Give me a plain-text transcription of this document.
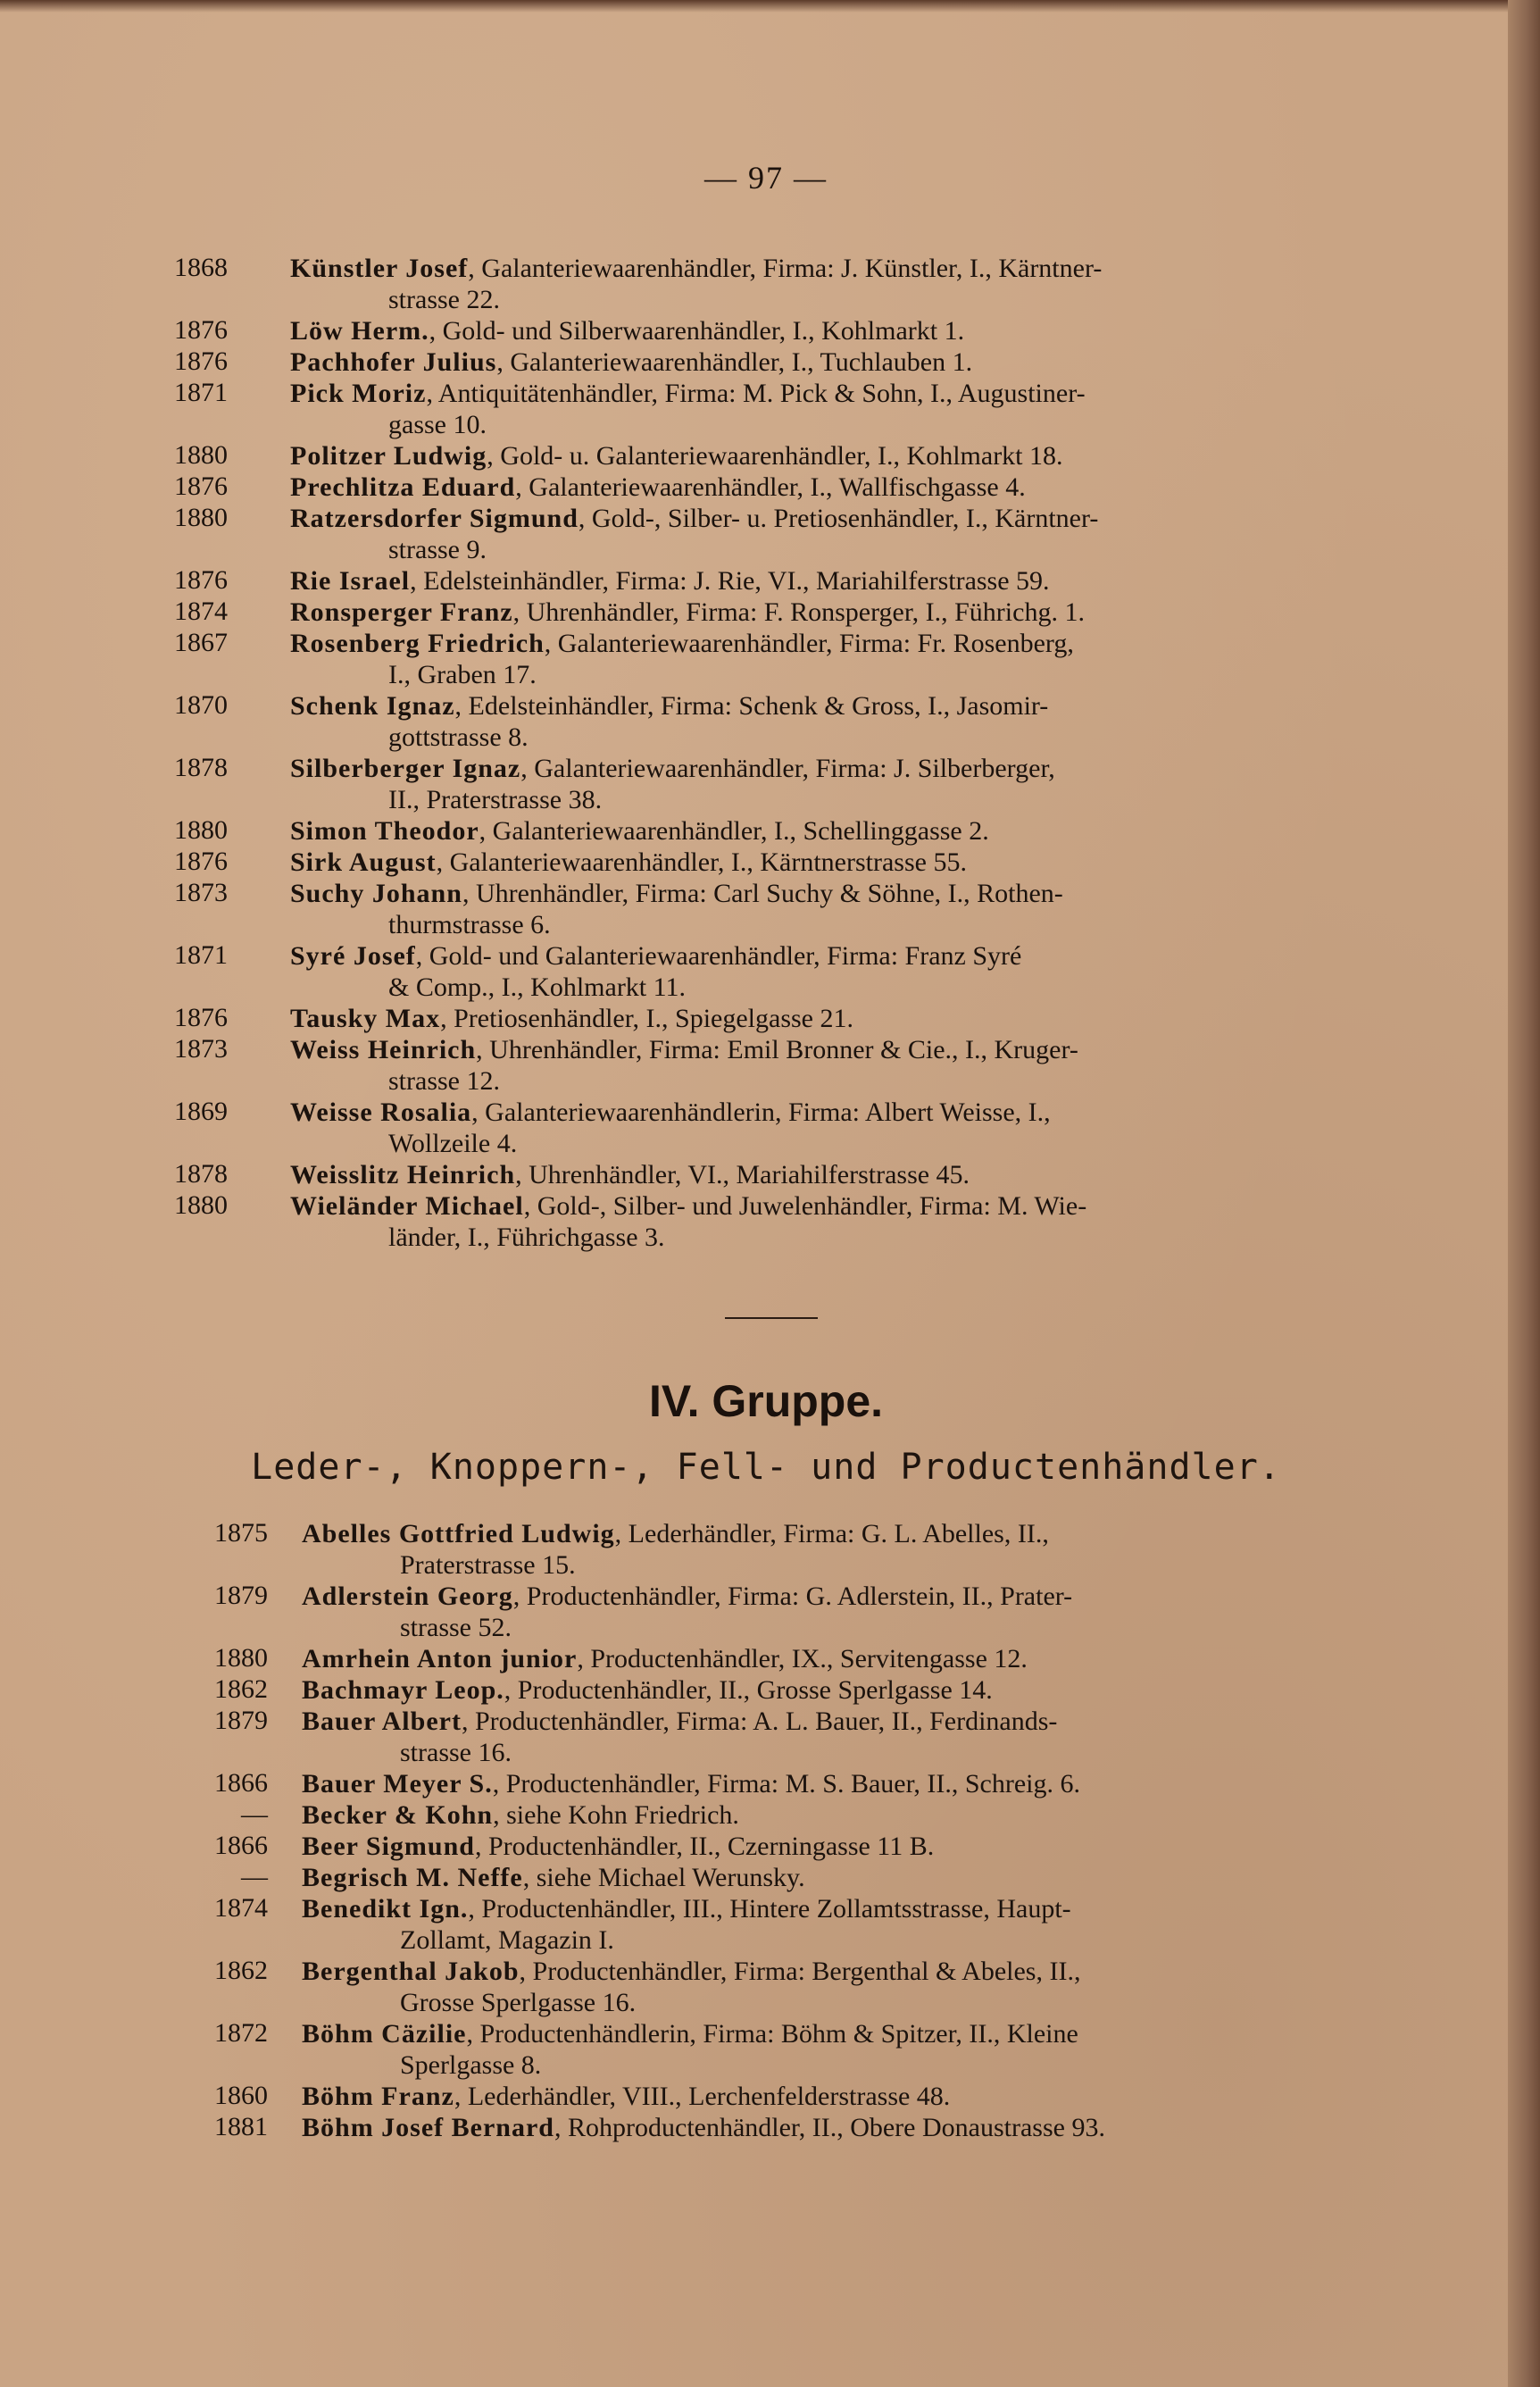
— 97 —
1868 Künstler Josef, Galanteriewaarenhändler, Firma: J. Künstler, I., Kärntner-
strasse 22.
1876 Löw Herm., Gold- und Silberwaarenhändler, I., Kohlmarkt 1.
1876 Pachhofer Julius, Galanteriewaarenhändler, I., Tuchlauben 1.
1871 Pick Moriz, Antiquitätenhändler, Firma: M. Pick & Sohn, I., Augustiner-
gasse 10.
1880 Politzer Ludwig, Gold- u. Galanteriewaarenhändler, I., Kohlmarkt 18.
1876 Prechlitza Eduard, Galanteriewaarenhändler, I., Wallfischgasse 4.
1880 Ratzersdorfer Sigmund, Gold-, Silber- u. Pretiosenhändler, I., Kärntner-
strasse 9.
1876 Rie Israel, Edelsteinhändler, Firma: J. Rie, VI., Mariahilferstrasse 59.
1874 Ronsperger Franz, Uhrenhändler, Firma: F. Ronsperger, I., Führichg. 1.
1867 Rosenberg Friedrich, Galanteriewaarenhändler, Firma: Fr. Rosenberg,
I., Graben 17.
1870 Schenk Ignaz, Edelsteinhändler, Firma: Schenk & Gross, I., Jasomir-
gottstrasse 8.
1878 Silberberger Ignaz, Galanteriewaarenhändler, Firma: J. Silberberger,
II., Praterstrasse 38.
1880 Simon Theodor, Galanteriewaarenhändler, I., Schellinggasse 2.
1876 Sirk August, Galanteriewaarenhändler, I., Kärntnerstrasse 55.
1873 Suchy Johann, Uhrenhändler, Firma: Carl Suchy & Söhne, I., Rothen-
thurmstrasse 6.
1871 Syré Josef, Gold- und Galanteriewaarenhändler, Firma: Franz Syré
& Comp., I., Kohlmarkt 11.
1876 Tausky Max, Pretiosenhändler, I., Spiegelgasse 21.
1873 Weiss Heinrich, Uhrenhändler, Firma: Emil Bronner & Cie., I., Kruger-
strasse 12.
1869 Weisse Rosalia, Galanteriewaarenhändlerin, Firma: Albert Weisse, I.,
Wollzeile 4.
1878 Weisslitz Heinrich, Uhrenhändler, VI., Mariahilferstrasse 45.
1880 Wieländer Michael, Gold-, Silber- und Juwelenhändler, Firma: M. Wie-
länder, I., Führichgasse 3.
IV. Gruppe.
Leder-, Knoppern-, Fell- und Productenhändler.
1875 Abelles Gottfried Ludwig, Lederhändler, Firma: G. L. Abelles, II.,
Praterstrasse 15.
1879 Adlerstein Georg, Productenhändler, Firma: G. Adlerstein, II., Prater-
strasse 52.
1880 Amrhein Anton junior, Productenhändler, IX., Servitengasse 12.
1862 Bachmayr Leop., Productenhändler, II., Grosse Sperlgasse 14.
1879 Bauer Albert, Productenhändler, Firma: A. L. Bauer, II., Ferdinands-
strasse 16.
1866 Bauer Meyer S., Productenhändler, Firma: M. S. Bauer, II., Schreig. 6.
— Becker & Kohn, siehe Kohn Friedrich.
1866 Beer Sigmund, Productenhändler, II., Czerningasse 11 B.
— Begrisch M. Neffe, siehe Michael Werunsky.
1874 Benedikt Ign., Productenhändler, III., Hintere Zollamtsstrasse, Haupt-
Zollamt, Magazin I.
1862 Bergenthal Jakob, Productenhändler, Firma: Bergenthal & Abeles, II.,
Grosse Sperlgasse 16.
1872 Böhm Cäzilie, Productenhändlerin, Firma: Böhm & Spitzer, II., Kleine
Sperlgasse 8.
1860 Böhm Franz, Lederhändler, VIII., Lerchenfelderstrasse 48.
1881 Böhm Josef Bernard, Rohproductenhändler, II., Obere Donaustrasse 93.
